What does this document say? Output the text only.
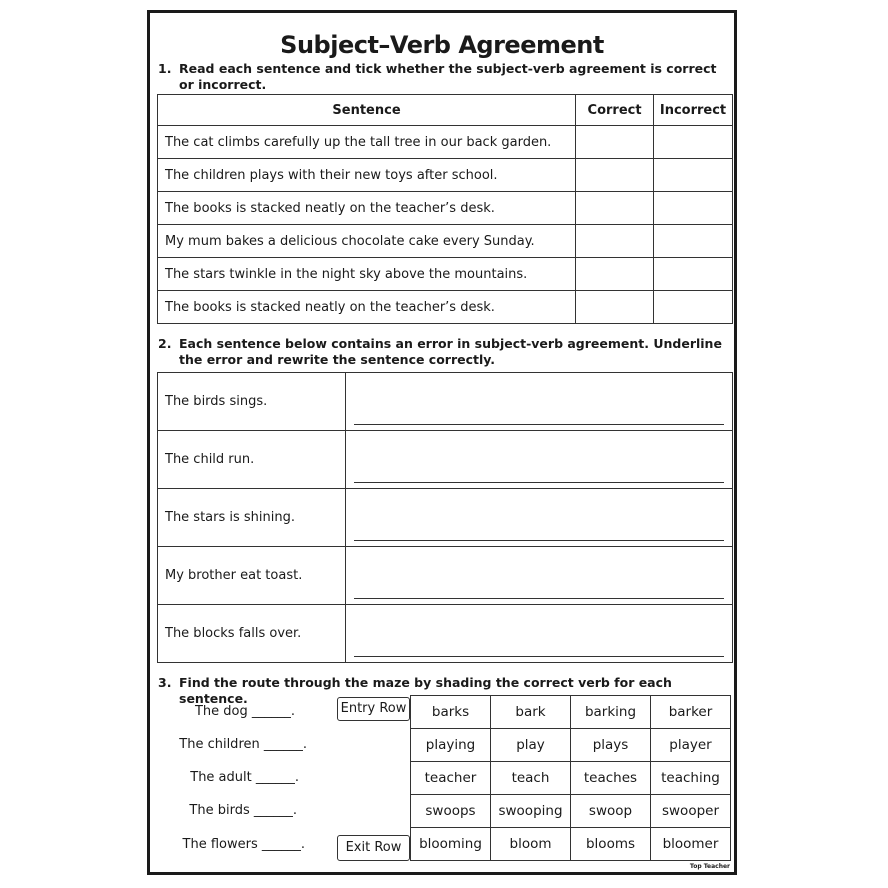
Subject–Verb Agreement
1. Read each sentence and tick whether the subject-verb agreement is correct or incorrect.
2. Each sentence below contains an error in subject-verb agreement. Underline the error and rewrite the sentence correctly.
3. Find the route through the maze by shading the correct verb for each sentence.
Top Teacher
Sentence	Correct	Incorrect
The cat climbs carefully up the tall tree in our back garden.		
The children plays with their new toys after school.		
The books is stacked neatly on the teacher’s desk.		
My mum bakes a delicious chocolate cake every Sunday.		
The stars twinkle in the night sky above the mountains.		
The books is stacked neatly on the teacher’s desk.		
The birds sings.	

The child run.	

The stars is shining.	

My brother eat toast.	

The blocks falls over.	
The dog ______.
The children ______.
The adult ______.
The birds ______.
The flowers ______.
Entry Row
Exit Row
barks	bark	barking	barker
playing	play	plays	player
teacher	teach	teaches	teaching
swoops	swooping	swoop	swooper
blooming	bloom	blooms	bloomer
